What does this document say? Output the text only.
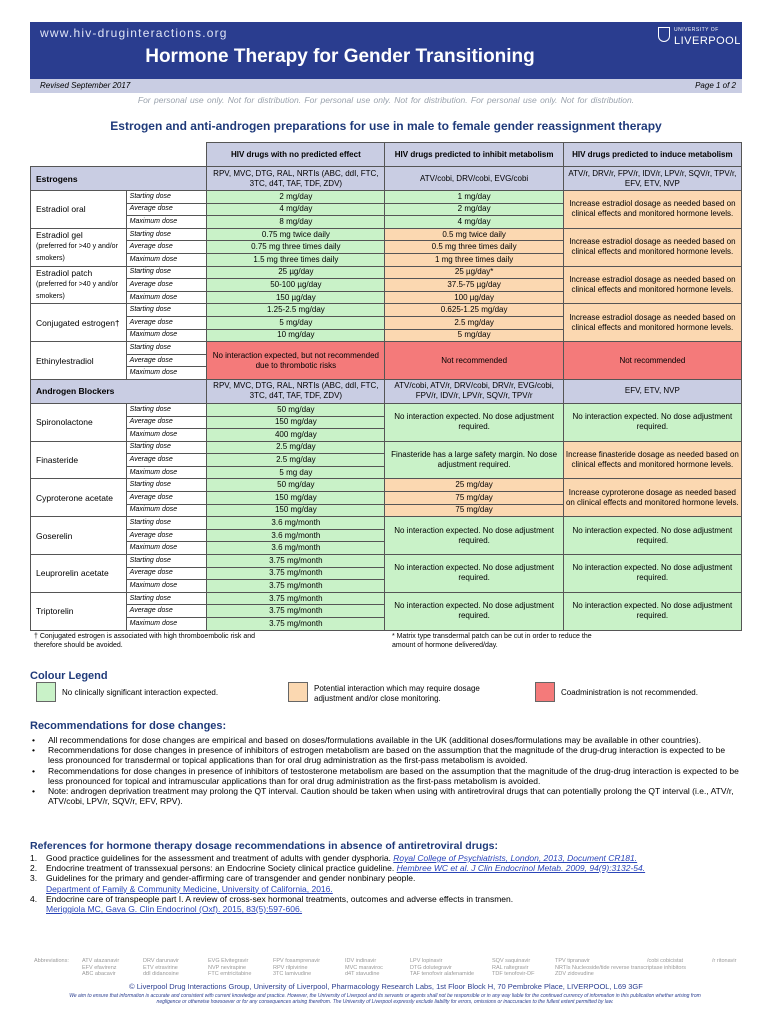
www.hiv-druginteractions.org
Hormone Therapy for Gender Transitioning
UNIVERSITY OF
LIVERPOOL
Revised September 2017	Page 1 of 2
For personal use only. Not for distribution. For personal use only. Not for distribution. For personal use only. Not for distribution.
Estrogen and anti-androgen preparations for use in male to female gender reassignment therapy
		HIV drugs with no predicted effect	HIV drugs predicted to inhibit metabolism	HIV drugs predicted to induce metabolism
Estrogens		RPV, MVC, DTG, RAL, NRTIs (ABC, ddI, FTC, 3TC, d4T, TAF, TDF, ZDV)	ATV/cobi, DRV/cobi, EVG/cobi	ATV/r, DRV/r, FPV/r, IDV/r, LPV/r, SQV/r, TPV/r, EFV, ETV, NVP
Estradiol oral	Starting dose	2 mg/day	1 mg/day	Increase estradiol dosage as needed based on clinical effects and monitored hormone levels.
	Average dose	4 mg/day	2 mg/day	
	Maximum dose	8 mg/day	4 mg/day	
Estradiol gel
(preferred for >40 y and/or smokers)	Starting dose	0.75 mg twice daily	0.5 mg twice daily	Increase estradiol dosage as needed based on clinical effects and monitored hormone levels.
	Average dose	0.75 mg three times daily	0.5 mg three times daily	
	Maximum dose	1.5 mg three times daily	1 mg three times daily	
Estradiol patch
(preferred for >40 y and/or smokers)	Starting dose	25 µg/day	25 µg/day*	Increase estradiol dosage as needed based on clinical effects and monitored hormone levels.
	Average dose	50-100 µg/day	37.5-75 µg/day	
	Maximum dose	150 µg/day	100 µg/day	
Conjugated estrogen†	Starting dose	1.25-2.5 mg/day	0.625-1.25 mg/day	Increase estradiol dosage as needed based on clinical effects and monitored hormone levels.
	Average dose	5 mg/day	2.5 mg/day	
	Maximum dose	10 mg/day	5 mg/day	
Ethinylestradiol	Starting dose	No interaction expected, but not recommended due to thrombotic risks	Not recommended	Not recommended
	Average dose			
	Maximum dose			
Androgen Blockers		RPV, MVC, DTG, RAL, NRTIs (ABC, ddI, FTC, 3TC, d4T, TAF, TDF, ZDV)	ATV/cobi, ATV/r, DRV/cobi, DRV/r, EVG/cobi, FPV/r, IDV/r, LPV/r, SQV/r, TPV/r	EFV, ETV, NVP
Spironolactone	Starting dose	50 mg/day	No interaction expected. No dose adjustment required.	No interaction expected. No dose adjustment required.
	Average dose	150 mg/day		
	Maximum dose	400 mg/day		
Finasteride	Starting dose	2.5 mg/day	Finasteride has a large safety margin. No dose adjustment required.	Increase finasteride dosage as needed based on clinical effects and monitored hormone levels.
	Average dose	2.5 mg/day		
	Maximum dose	5 mg day		
Cyproterone acetate	Starting dose	50 mg/day	25 mg/day	Increase cyproterone dosage as needed based on clinical effects and monitored hormone levels.
	Average dose	150 mg/day	75 mg/day	
	Maximum dose	150 mg/day	75 mg/day	
Goserelin	Starting dose	3.6 mg/month	No interaction expected. No dose adjustment required.	No interaction expected. No dose adjustment required.
	Average dose	3.6 mg/month		
	Maximum dose	3.6 mg/month		
Leuprorelin acetate	Starting dose	3.75 mg/month	No interaction expected. No dose adjustment required.	No interaction expected. No dose adjustment required.
	Average dose	3.75 mg/month		
	Maximum dose	3.75 mg/month		
Triptorelin	Starting dose	3.75 mg/month	No interaction expected. No dose adjustment required.	No interaction expected. No dose adjustment required.
	Average dose	3.75 mg/month		
	Maximum dose	3.75 mg/month		
† Conjugated estrogen is associated with high thromboembolic risk and therefore should be avoided.
* Matrix type transdermal patch can be cut in order to reduce the amount of hormone delivered/day.
Colour Legend
No clinically significant interaction expected.	Potential interaction which may require dosage adjustment and/or close monitoring.
Coadministration is not recommended.
Recommendations for dose changes:
• All recommendations for dose changes are empirical and based on doses/formulations available in the UK (additional doses/formulations may be available in other countries).
• Recommendations for dose changes in presence of inhibitors of estrogen metabolism are based on the assumption that the magnitude of the drug-drug interaction is expected to be less pronounced for transdermal or topical applications than for oral drug administration as the first-pass metabolism is avoided.
• Recommendations for dose changes in presence of inhibitors of testosterone metabolism are based on the assumption that the magnitude of the drug-drug interaction is expected to be less pronounced for topical and intramuscular applications than for oral drug administration as the first-pass metabolism is avoided.
• Note: androgen deprivation treatment may prolong the QT interval. Caution should be taken when using with antiretroviral drugs that can potentially prolong the QT interval (i.e., ATV/r, ATV/cobi, LPV/r, SQV/r, EFV, RPV).
References for hormone therapy dosage recommendations in absence of antiretroviral drugs:
1. Good practice guidelines for the assessment and treatment of adults with gender dysphoria. Royal College of Psychiatrists, London, 2013, Document CR181.
2. Endocrine treatment of transsexual persons: an Endocrine Society clinical practice guideline. Hembree WC et al. J Clin Endocrinol Metab. 2009, 94(9):3132-54.
3. Guidelines for the primary and gender-affirming care of transgender and gender nonbinary people.
Department of Family & Community Medicine, University of California, 2016.
4. Endocrine care of transpeople part I. A review of cross-sex hormonal treatments, outcomes and adverse effects in transmen.
Meriggiola MC, Gava G. Clin Endocrinol (Oxf). 2015, 83(5):597-606.
Abbreviations: ATV atazanavir
EFV efavirenz
ABC abacavir
DRV darunavir
ETV etravirine
ddI didanosine
EVG Elvitegravir
NVP nevirapine
FTC emtricitabine
FPV fosamprenavir
RPV rilpivirine
3TC lamivudine
IDV indinavir
MVC maraviroc
d4T stavudine
LPV lopinavir
DTG dolutegravir
TAF tenofovir alafenamide
SQV saquinavir
RAL raltegravir
TDF tenofovir-DF
TPV tipranavir
NRTIs Nucleoside/tide reverse transcriptase inhibitors
ZDV zidovudine
/cobi cobicistat	/r ritonavir
© Liverpool Drug Interactions Group, University of Liverpool, Pharmacology Research Labs, 1st Floor Block H, 70 Pembroke Place, LIVERPOOL, L69 3GF
We aim to ensure that information is accurate and consistent with current knowledge and practice. However, the University of Liverpool and its servants or agents shall not be responsible or in any way liable for the continued currency of information in this publication whether arising from negligence or otherwise howsoever or for any consequences arising therefrom. The University of Liverpool expressly exclude liability for errors, omissions or inaccuracies to the fullest extent permitted by law.
